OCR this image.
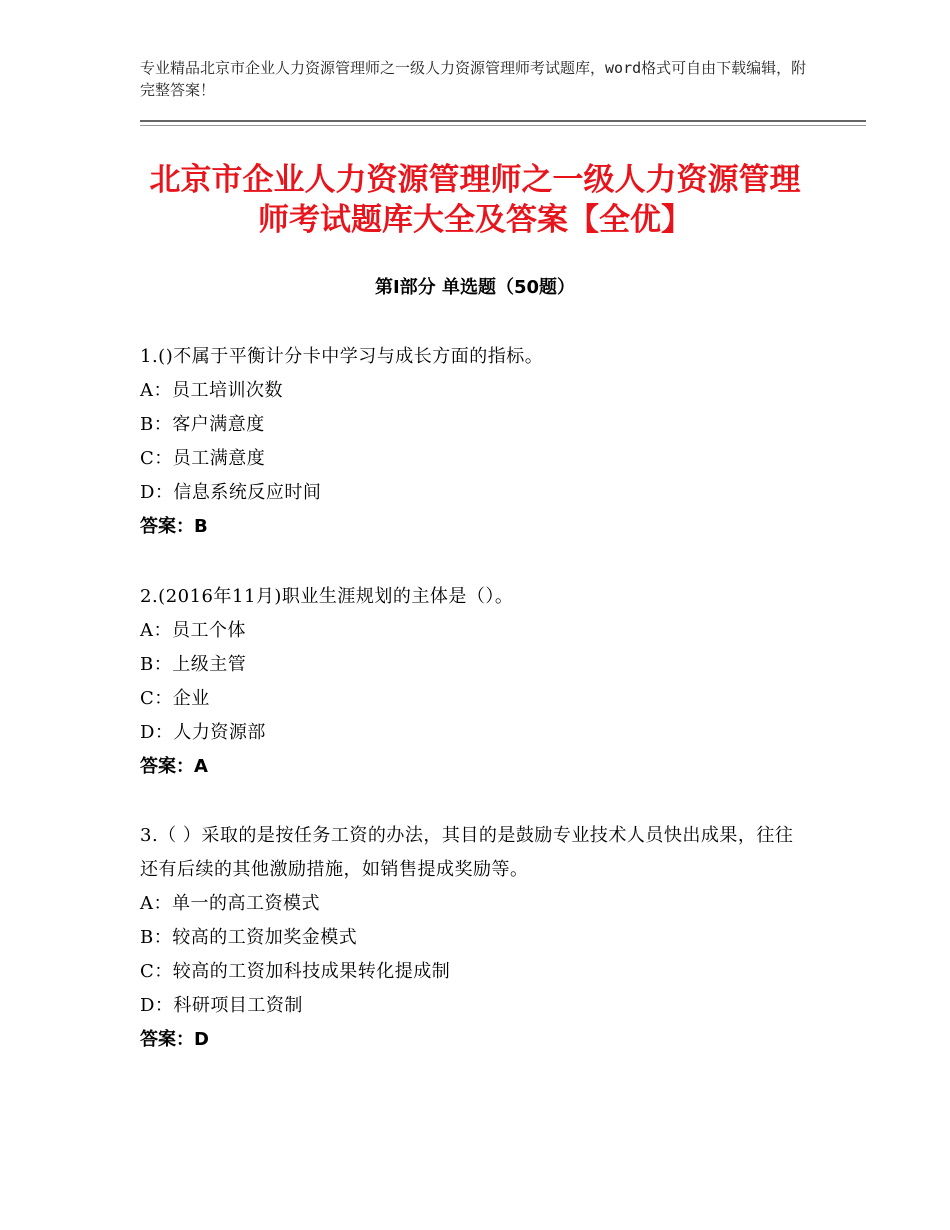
专业精品北京市企业人力资源管理师之一级人力资源管理师考试题库，word格式可自由下载编辑，附完整答案！
北京市企业人力资源管理师之一级人力资源管理师考试题库大全及答案【全优】
第Ⅰ部分 单选题（50题）
1.()不属于平衡计分卡中学习与成长方面的指标。
A：员工培训次数
B：客户满意度
C：员工满意度
D：信息系统反应时间
答案：B
2.(2016年11月)职业生涯规划的主体是（）。
A：员工个体
B：上级主管
C：企业
D：人力资源部
答案：A
3.（ ）采取的是按任务工资的办法，其目的是鼓励专业技术人员快出成果，往往还有后续的其他激励措施，如销售提成奖励等。
A：单一的高工资模式
B：较高的工资加奖金模式
C：较高的工资加科技成果转化提成制
D：科研项目工资制
答案：D
